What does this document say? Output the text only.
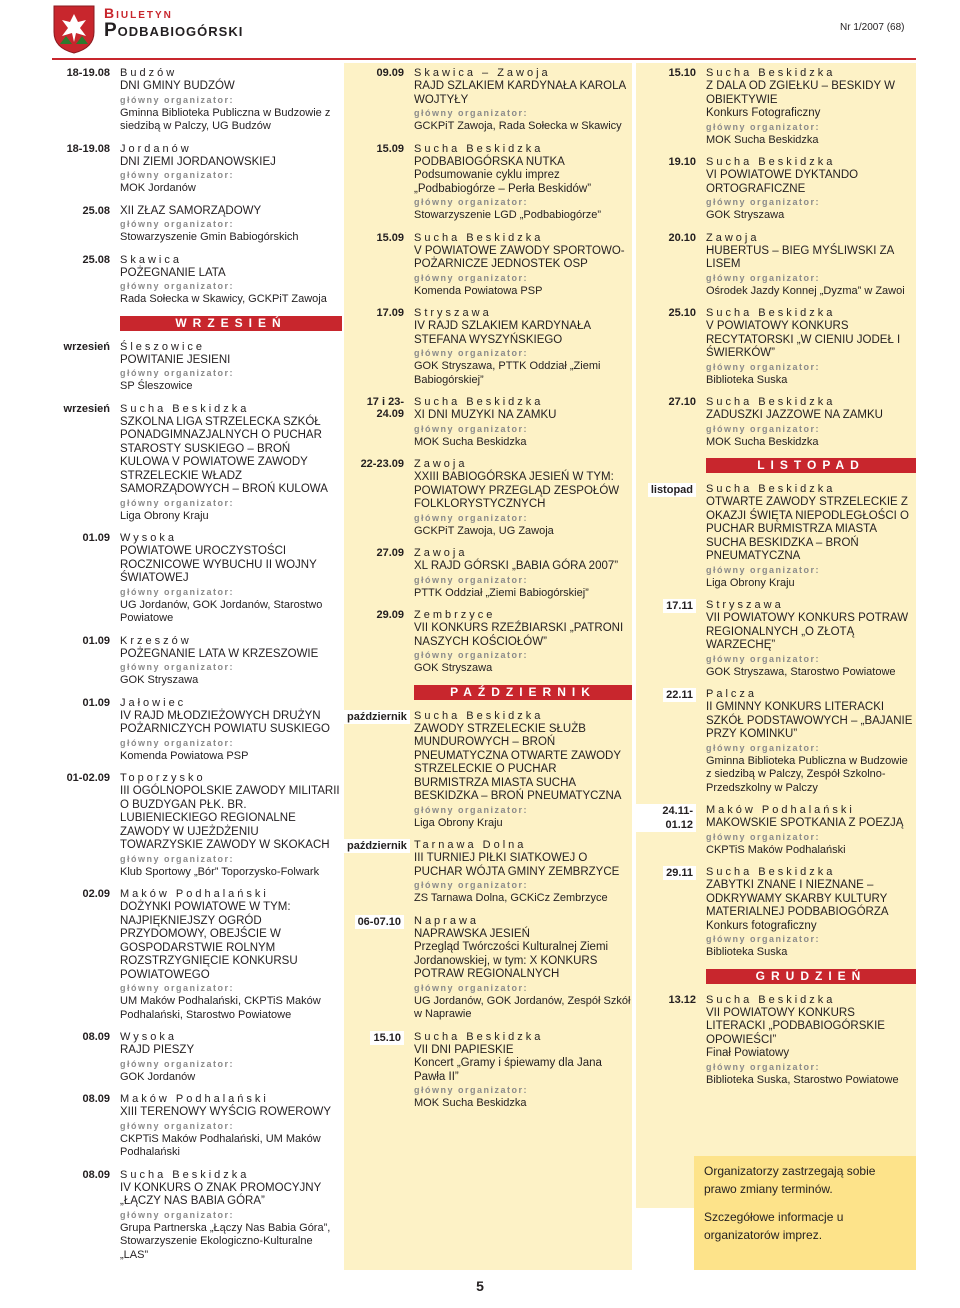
Biuletyn
Podbabiogórski	Nr 1/2007 (68)
18-19.08 Budzów
DNI GMINY BUDZÓW
główny organizator:
Gminna Biblioteka Publiczna w Budzowie z siedzibą w Palczy, UG Budzów
18-19.08 Jordanów
DNI ZIEMI JORDANOWSKIEJ
główny organizator:
MOK Jordanów
25.08 XII ZŁAZ SAMORZĄDOWY
główny organizator:
Stowarzyszenie Gmin Babiogórskich
25.08 Skawica
POŻEGNANIE LATA
główny organizator:
Rada Sołecka w Skawicy, GCKPiT Zawoja
WRZESIEŃ
wrzesień Śleszowice
POWITANIE JESIENI
główny organizator:
SP Śleszowice
wrzesień Sucha Beskidzka
SZKOLNA LIGA STRZELECKA SZKÓŁ PONADGIMNAZJALNYCH O PUCHAR STAROSTY SUSKIEGO – BROŃ KULOWA V POWIATOWE ZAWODY STRZELECKIE WŁADZ SAMORZĄDOWYCH – BROŃ KULOWA
główny organizator:
Liga Obrony Kraju
01.09 Wysoka
POWIATOWE UROCZYSTOŚCI ROCZNICOWE WYBUCHU II WOJNY ŚWIATOWEJ
główny organizator:
UG Jordanów, GOK Jordanów, Starostwo Powiatowe
01.09 Krzeszów
POŻEGNANIE LATA W KRZESZOWIE
główny organizator:
GOK Stryszawa
01.09 Jałowiec
IV RAJD MŁODZIEŻOWYCH DRUŻYN POŻARNICZYCH POWIATU SUSKIEGO
główny organizator:
Komenda Powiatowa PSP
01-02.09 Toporzysko
III OGÓLNOPOLSKIE ZAWODY MILITARII O BUZDYGAN PŁK. BR. LUBIENIECKIEGO REGIONALNE ZAWODY W UJEŻDŻENIU TOWARZYSKIE ZAWODY W SKOKACH
główny organizator:
Klub Sportowy „Bór” Toporzysko-Folwark
02.09 Maków Podhalański
DOŻYNKI POWIATOWE W TYM: NAJPIĘKNIEJSZY OGRÓD PRZYDOMOWY, OBEJŚCIE W GOSPODARSTWIE ROLNYM ROZSTRZYGNIĘCIE KONKURSU POWIATOWEGO
główny organizator:
UM Maków Podhalański, CKPTiS Maków Podhalański, Starostwo Powiatowe
08.09 Wysoka
RAJD PIESZY
główny organizator:
GOK Jordanów
08.09 Maków Podhalański
XIII TERENOWY WYŚCIG ROWEROWY
główny organizator:
CKPTiS Maków Podhalański, UM Maków Podhalański
08.09 Sucha Beskidzka
IV KONKURS O ZNAK PROMOCYJNY „ŁĄCZY NAS BABIA GÓRA”
główny organizator:
Grupa Partnerska „Łączy Nas Babia Góra”, Stowarzyszenie Ekologiczno-Kulturalne „LAS”
09.09 Skawica – Zawoja
RAJD SZLAKIEM KARDYNAŁA KAROLA WOJTYŁY
główny organizator:
GCKPiT Zawoja, Rada Sołecka w Skawicy
15.09 Sucha Beskidzka
PODBABIOGÓRSKA NUTKA
Podsumowanie cyklu imprez „Podbabiogórze – Perła Beskidów”
główny organizator:
Stowarzyszenie LGD „Podbabiogórze”
15.09 Sucha Beskidzka
V POWIATOWE ZAWODY SPORTOWO-POŻARNICZE JEDNOSTEK OSP
główny organizator:
Komenda Powiatowa PSP
17.09 Stryszawa
IV RAJD SZLAKIEM KARDYNAŁA STEFANA WYSZYŃSKIEGO
główny organizator:
GOK Stryszawa, PTTK Oddział „Ziemi Babiogórskiej”
17 i 23-24.09
Sucha Beskidzka
XI DNI MUZYKI NA ZAMKU
główny organizator:
MOK Sucha Beskidzka
22-23.09 Zawoja
XXIII BABIOGÓRSKA JESIEŃ W TYM: POWIATOWY PRZEGLĄD ZESPOŁÓW FOLKLORYSTYCZNYCH
główny organizator:
GCKPiT Zawoja, UG Zawoja
27.09 Zawoja
XL RAJD GÓRSKI „BABIA GÓRA 2007”
główny organizator:
PTTK Oddział „Ziemi Babiogórskiej”
29.09 Zembrzyce
VII KONKURS RZEŹBIARSKI „PATRONI NASZYCH KOŚCIOŁÓW”
główny organizator:
GOK Stryszawa
PAŹDZIERNIK
październik Sucha Beskidzka
ZAWODY STRZELECKIE SŁUŻB MUNDUROWYCH – BROŃ PNEUMATYCZNA OTWARTE ZAWODY STRZELECKIE O PUCHAR BURMISTRZA MIASTA SUCHA BESKIDZKA – BROŃ PNEUMATYCZNA
główny organizator:
Liga Obrony Kraju
październik Tarnawa Dolna
III TURNIEJ PIŁKI SIATKOWEJ O PUCHAR WÓJTA GMINY ZEMBRZYCE
główny organizator:
ZS Tarnawa Dolna, GCKiCz Zembrzyce
06-07.10 Naprawa
NAPRAWSKA JESIEŃ
Przegląd Twórczości Kulturalnej Ziemi Jordanowskiej, w tym: X KONKURS POTRAW REGIONALNYCH
główny organizator:
UG Jordanów, GOK Jordanów, Zespół Szkół w Naprawie
15.10 Sucha Beskidzka
VII DNI PAPIESKIE
Koncert „Gramy i śpiewamy dla Jana Pawła II”
główny organizator:
MOK Sucha Beskidzka
15.10 Sucha Beskidzka
Z DALA OD ZGIEŁKU – BESKIDY W OBIEKTYWIE
Konkurs Fotograficzny
główny organizator:
MOK Sucha Beskidzka
19.10 Sucha Beskidzka
VI POWIATOWE DYKTANDO ORTOGRAFICZNE
główny organizator:
GOK Stryszawa
20.10 Zawoja
HUBERTUS – BIEG MYŚLIWSKI ZA LISEM
główny organizator:
Ośrodek Jazdy Konnej „Dyzma” w Zawoi
25.10 Sucha Beskidzka
V POWIATOWY KONKURS RECYTATORSKI „W CIENIU JODEŁ I ŚWIERKÓW”
główny organizator:
Biblioteka Suska
27.10 Sucha Beskidzka
ZADUSZKI JAZZOWE NA ZAMKU
główny organizator:
MOK Sucha Beskidzka
LISTOPAD
listopad Sucha Beskidzka
OTWARTE ZAWODY STRZELECKIE Z OKAZJI ŚWIĘTA NIEPODLEGŁOŚCI O PUCHAR BURMISTRZA MIASTA SUCHA BESKIDZKA – BROŃ PNEUMATYCZNA
główny organizator:
Liga Obrony Kraju
17.11 Stryszawa
VII POWIATOWY KONKURS POTRAW REGIONALNYCH „O ZŁOTĄ WARZECHĘ”
główny organizator:
GOK Stryszawa, Starostwo Powiatowe
22.11 Palcza
II GMINNY KONKURS LITERACKI SZKÓŁ PODSTAWOWYCH – „BAJANIE PRZY KOMINKU”
główny organizator:
Gminna Biblioteka Publiczna w Budzowie z siedzibą w Palczy, Zespół Szkolno-Przedszkolny w Palczy
24.11-01.12
Maków Podhalański
MAKOWSKIE SPOTKANIA Z POEZJĄ
główny organizator:
CKPTiS Maków Podhalański
29.11 Sucha Beskidzka
ZABYTKI ZNANE I NIEZNANE – ODKRYWAMY SKARBY KULTURY MATERIALNEJ PODBABIOGÓRZA
Konkurs fotograficzny
główny organizator:
Biblioteka Suska
GRUDZIEŃ
13.12 Sucha Beskidzka
VII POWIATOWY KONKURS LITERACKI „PODBABIOGÓRSKIE OPOWIEŚCI”
Finał Powiatowy
główny organizator:
Biblioteka Suska, Starostwo Powiatowe

Organizatorzy zastrzegają sobie prawo zmiany terminów.

Szczegółowe informacje u organizatorów imprez.

5
